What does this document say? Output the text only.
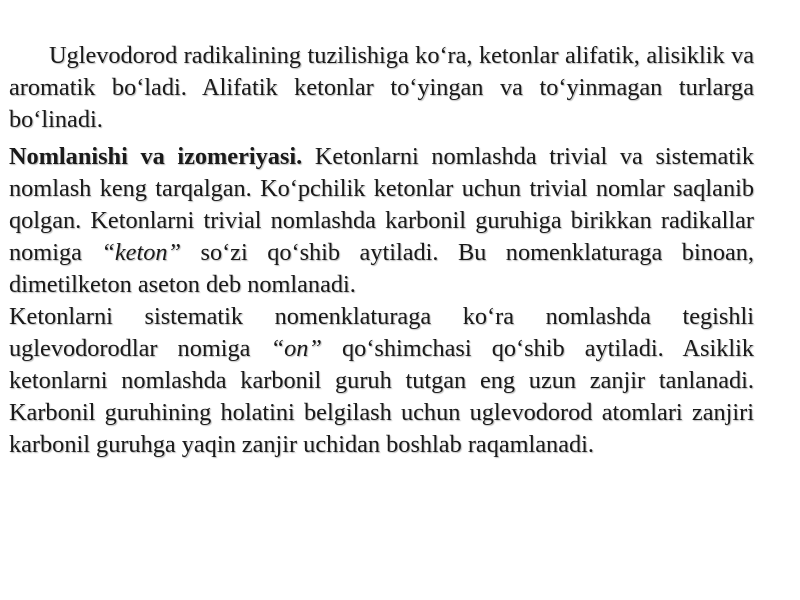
Uglevodorod radikalining tuzilishiga ko‘ra, ketonlar alifatik, alisiklik va aromatik bo‘ladi. Alifatik ketonlar to‘yingan va to‘yinmagan turlarga bo‘linadi.

Nomlanishi va izomeriyasi. Ketonlarni nomlashda trivial va sistematik nomlash keng tarqalgan. Ko‘pchilik ketonlar uchun trivial nomlar saqlanib qolgan. Ketonlarni trivial nomlashda karbonil guruhiga birikkan radikallar nomiga “keton” so‘zi qo‘shib aytiladi. Bu nomenklaturaga binoan, dimetilketon aseton deb nomlanadi.

Ketonlarni sistematik nomenklaturaga ko‘ra nomlashda tegishli uglevodorodlar nomiga “on” qo‘shimchasi qo‘shib aytiladi. Asiklik ketonlarni nomlashda karbonil guruh tutgan eng uzun zanjir tanlanadi. Karbonil guruhining holatini belgilash uchun uglevodorod atomlari zanjiri karbonil guruhga yaqin zanjir uchidan boshlab raqamlanadi.
